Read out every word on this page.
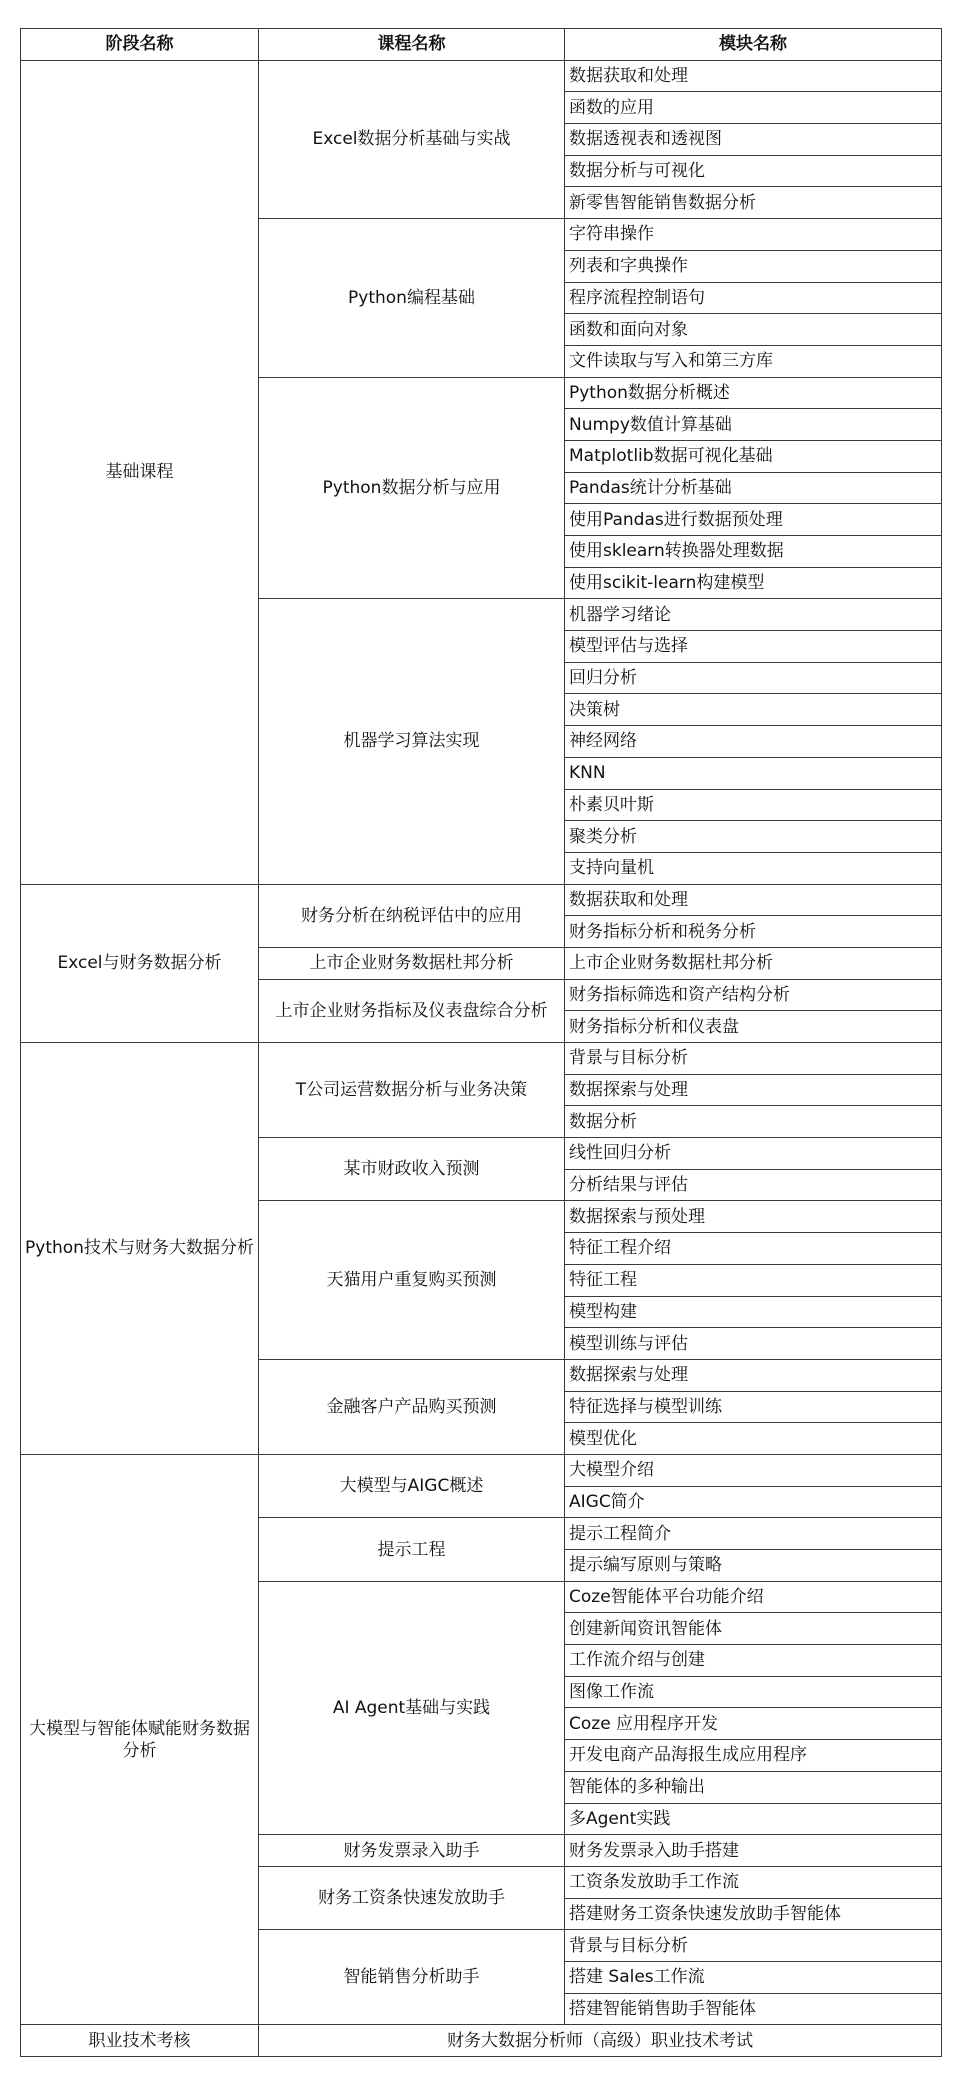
阶段名称	课程名称	模块名称
基础课程	Excel数据分析基础与实战	数据获取和处理
		函数的应用
		数据透视表和透视图
		数据分析与可视化
		新零售智能销售数据分析
	Python编程基础	字符串操作
		列表和字典操作
		程序流程控制语句
		函数和面向对象
		文件读取与写入和第三方库
	Python数据分析与应用	Python数据分析概述
		Numpy数值计算基础
		Matplotlib数据可视化基础
		Pandas统计分析基础
		使用Pandas进行数据预处理
		使用sklearn转换器处理数据
		使用scikit-learn构建模型
	机器学习算法实现	机器学习绪论
		模型评估与选择
		回归分析
		决策树
		神经网络
		KNN
		朴素贝叶斯
		聚类分析
		支持向量机
Excel与财务数据分析	财务分析在纳税评估中的应用	数据获取和处理
		财务指标分析和税务分析
	上市企业财务数据杜邦分析	上市企业财务数据杜邦分析
	上市企业财务指标及仪表盘综合分析	财务指标筛选和资产结构分析
		财务指标分析和仪表盘
Python技术与财务大数据分析	T公司运营数据分析与业务决策	背景与目标分析
		数据探索与处理
		数据分析
	某市财政收入预测	线性回归分析
		分析结果与评估
	天猫用户重复购买预测	数据探索与预处理
		特征工程介绍
		特征工程
		模型构建
		模型训练与评估
	金融客户产品购买预测	数据探索与处理
		特征选择与模型训练
		模型优化
大模型与智能体赋能财务数据分析	大模型与AIGC概述	大模型介绍
		AIGC简介
	提示工程	提示工程简介
		提示编写原则与策略
	AI Agent基础与实践	Coze智能体平台功能介绍
		创建新闻资讯智能体
		工作流介绍与创建
		图像工作流
		Coze 应用程序开发
		开发电商产品海报生成应用程序
		智能体的多种输出
		多Agent实践
	财务发票录入助手	财务发票录入助手搭建
	财务工资条快速发放助手	工资条发放助手工作流
		搭建财务工资条快速发放助手智能体
	智能销售分析助手	背景与目标分析
		搭建 Sales工作流
		搭建智能销售助手智能体
职业技术考核	财务大数据分析师（高级）职业技术考试	
